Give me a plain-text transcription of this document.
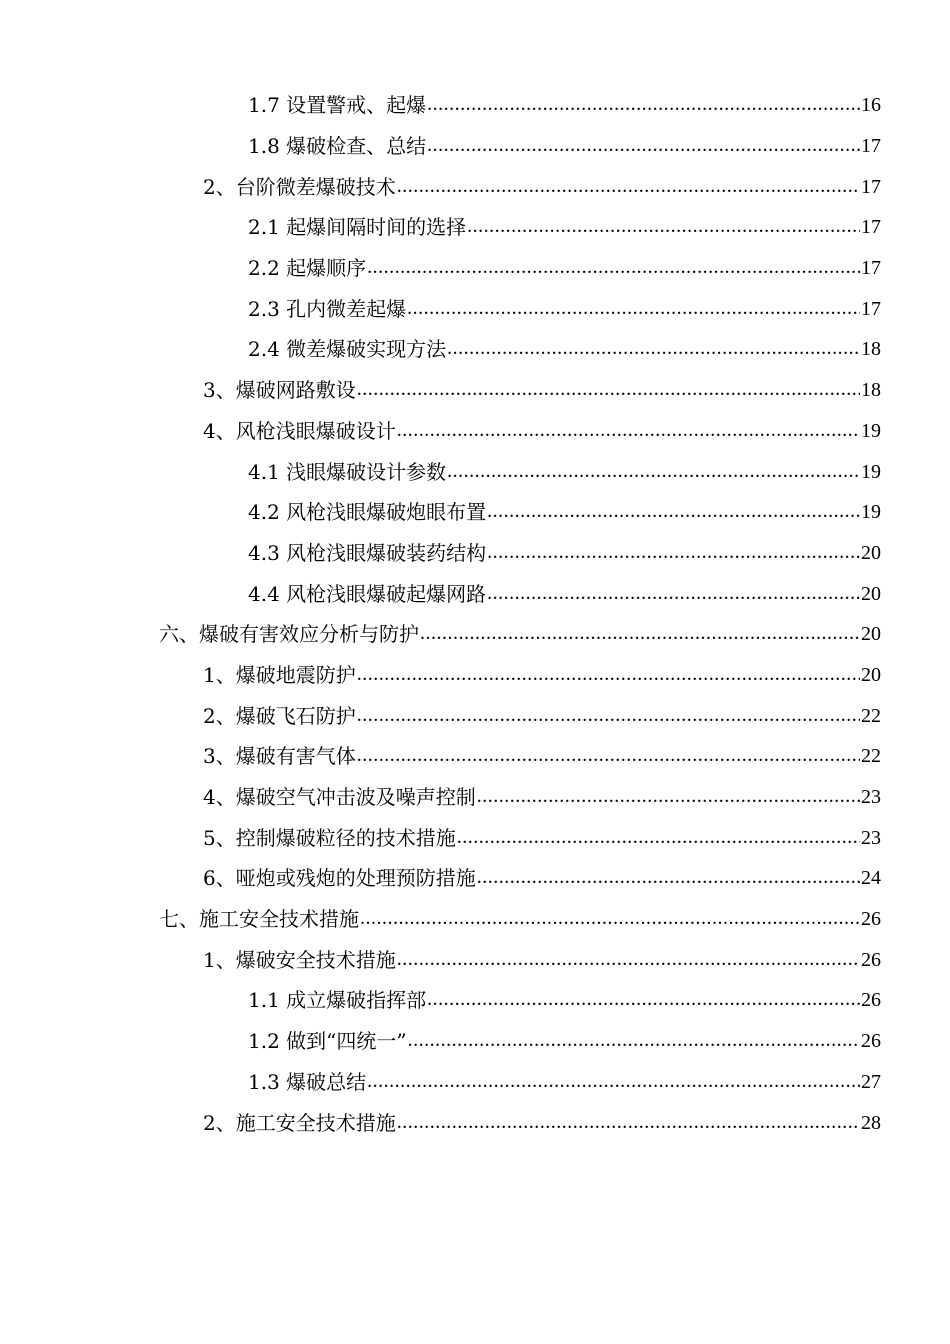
1.7 设置警戒、起爆 .....	16
1.8 爆破检查、总结 .....	17
2、台阶微差爆破技术 .....	17
2.1 起爆间隔时间的选择 .....	17
2.2 起爆顺序 .....	17
2.3 孔内微差起爆 .....	17
2.4 微差爆破实现方法 .....	18
3、爆破网路敷设 .....	18
4、风枪浅眼爆破设计 .....	19
4.1 浅眼爆破设计参数 .....	19
4.2 风枪浅眼爆破炮眼布置 .....	19
4.3 风枪浅眼爆破装药结构 .....	20
4.4 风枪浅眼爆破起爆网路 .....	20
六、爆破有害效应分析与防护 .....	20
1、爆破地震防护 .....	20
2、爆破飞石防护 .....	22
3、爆破有害气体 .....	22
4、爆破空气冲击波及噪声控制 .....	23
5、控制爆破粒径的技术措施 .....	23
6、哑炮或残炮的处理预防措施 .....	24
七、施工安全技术措施 .....	26
1、爆破安全技术措施 .....	26
1.1 成立爆破指挥部 .....	26
1.2 做到“四统一” .....	26
1.3 爆破总结 .....	27
2、施工安全技术措施 .....	28
